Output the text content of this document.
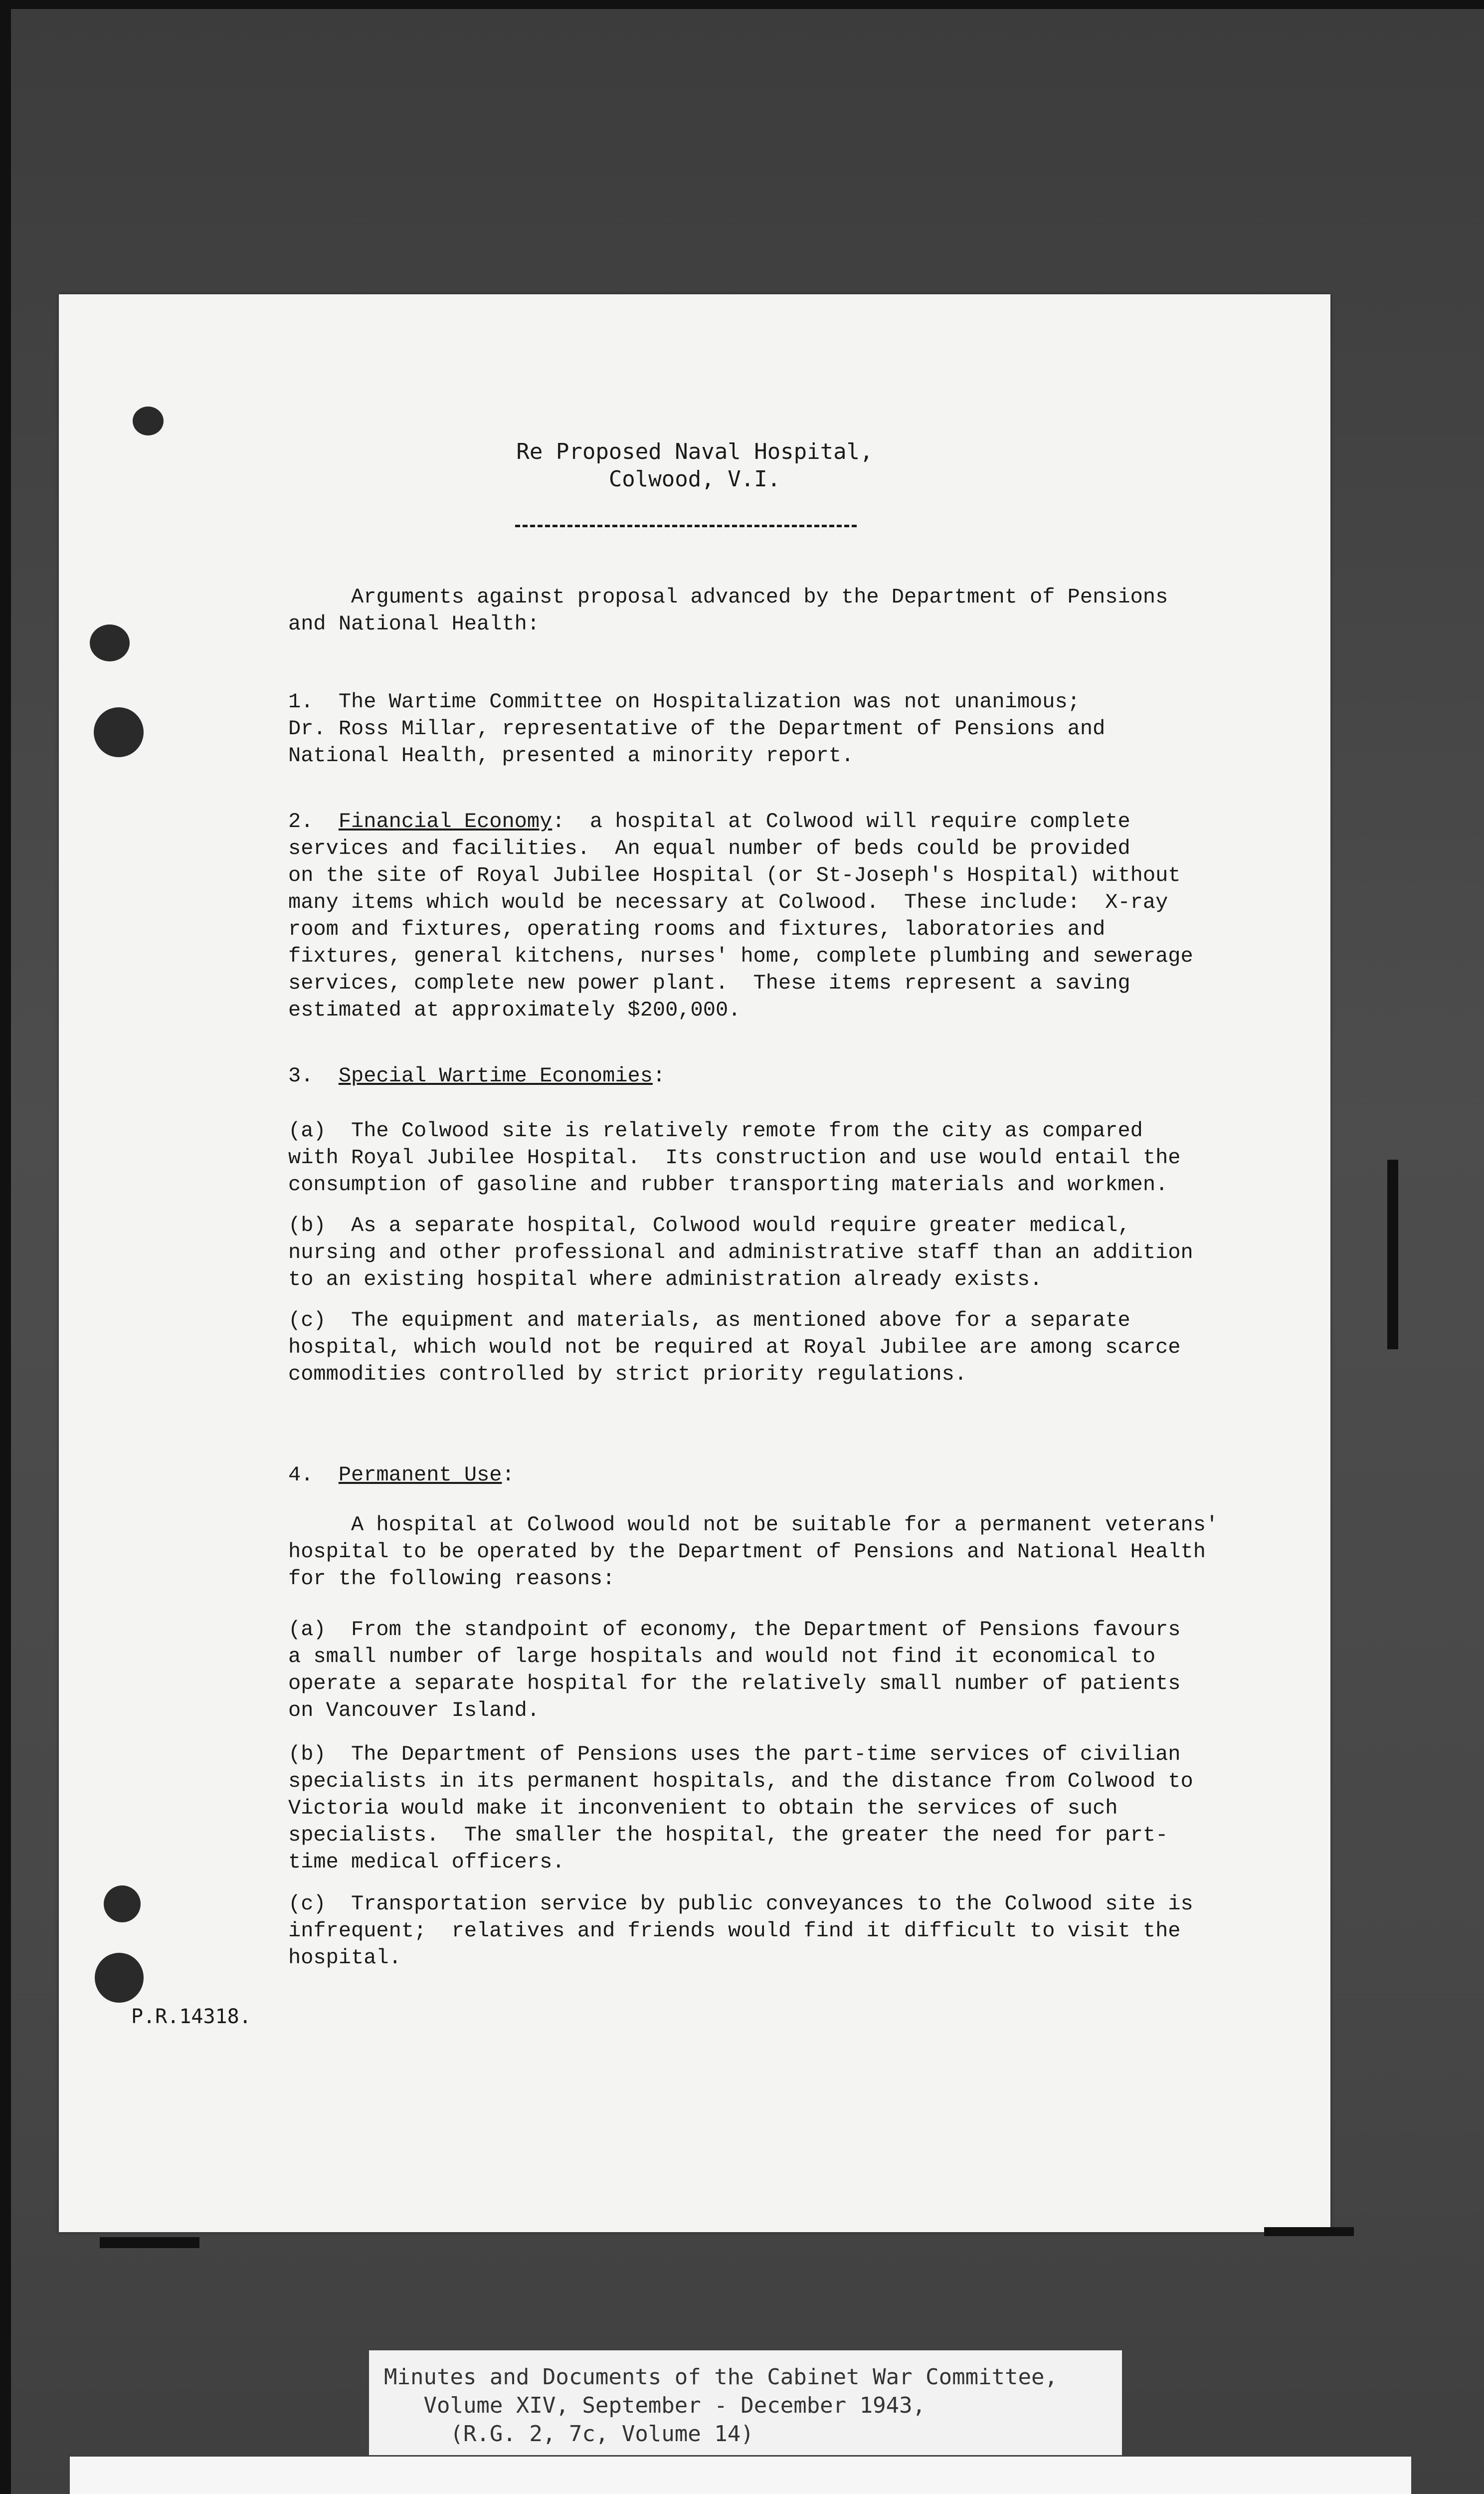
Re Proposed Naval Hospital,
Colwood, V.I.
Arguments against proposal advanced by the Department of Pensions
and National Health:
1.  The Wartime Committee on Hospitalization was not unanimous;
Dr. Ross Millar, representative of the Department of Pensions and
National Health, presented a minority report.
2.  Financial Economy:  a hospital at Colwood will require complete
services and facilities.  An equal number of beds could be provided
on the site of Royal Jubilee Hospital (or St-Joseph's Hospital) without
many items which would be necessary at Colwood.  These include:  X-ray
room and fixtures, operating rooms and fixtures, laboratories and
fixtures, general kitchens, nurses' home, complete plumbing and sewerage
services, complete new power plant.  These items represent a saving
estimated at approximately $200,000.
3.  Special Wartime Economies:
(a)  The Colwood site is relatively remote from the city as compared
with Royal Jubilee Hospital.  Its construction and use would entail the
consumption of gasoline and rubber transporting materials and workmen.
(b)  As a separate hospital, Colwood would require greater medical,
nursing and other professional and administrative staff than an addition
to an existing hospital where administration already exists.
(c)  The equipment and materials, as mentioned above for a separate
hospital, which would not be required at Royal Jubilee are among scarce
commodities controlled by strict priority regulations.
4.  Permanent Use:
A hospital at Colwood would not be suitable for a permanent veterans'
hospital to be operated by the Department of Pensions and National Health
for the following reasons:
(a)  From the standpoint of economy, the Department of Pensions favours
a small number of large hospitals and would not find it economical to
operate a separate hospital for the relatively small number of patients
on Vancouver Island.
(b)  The Department of Pensions uses the part-time services of civilian
specialists in its permanent hospitals, and the distance from Colwood to
Victoria would make it inconvenient to obtain the services of such
specialists.  The smaller the hospital, the greater the need for part-
time medical officers.
(c)  Transportation service by public conveyances to the Colwood site is
infrequent;  relatives and friends would find it difficult to visit the
hospital.
P.R.14318.
Minutes and Documents of the Cabinet War Committee,
Volume XIV, September - December 1943,
(R.G. 2, 7c, Volume 14)
